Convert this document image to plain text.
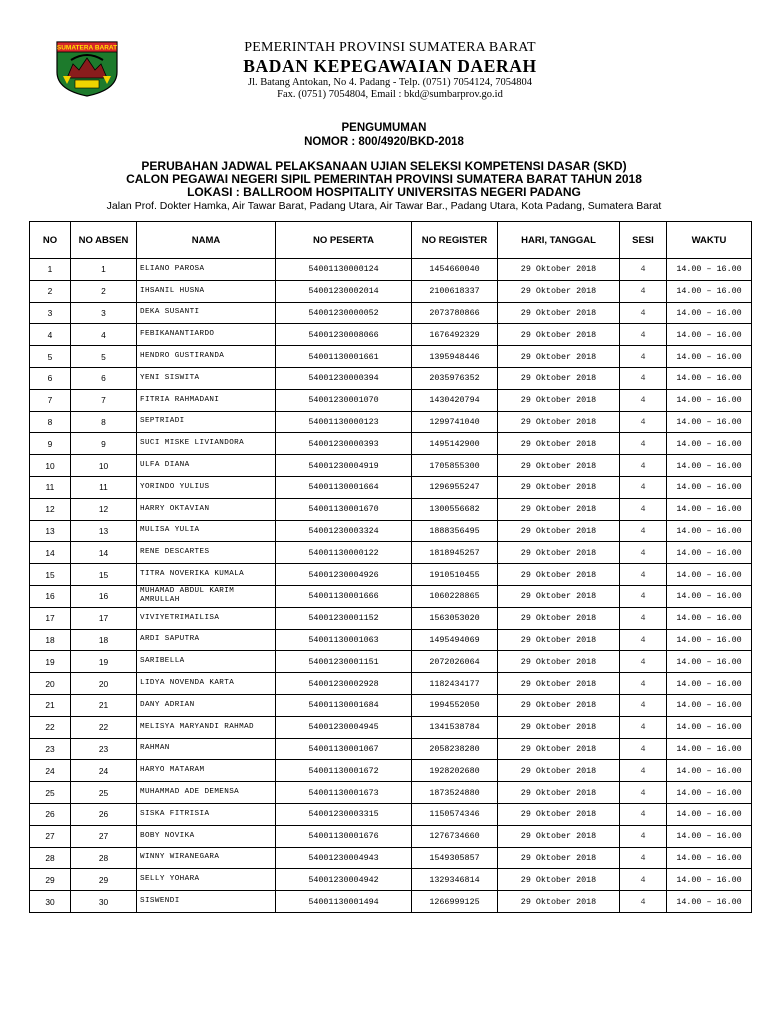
SUMATERA BARAT	PEMERINTAH PROVINSI SUMATERA BARAT
BADAN KEPEGAWAIAN DAERAH
Jl. Batang Antokan, No 4. Padang - Telp. (0751) 7054124, 7054804
Fax. (0751) 7054804, Email : bkd@sumbarprov.go.id
PENGUMUMAN
NOMOR : 800/4920/BKD-2018
PERUBAHAN JADWAL PELAKSANAAN UJIAN SELEKSI KOMPETENSI DASAR (SKD)
CALON PEGAWAI NEGERI SIPIL PEMERINTAH PROVINSI SUMATERA BARAT TAHUN 2018
LOKASI : BALLROOM HOSPITALITY UNIVERSITAS NEGERI PADANG
Jalan Prof. Dokter Hamka, Air Tawar Barat, Padang Utara, Air Tawar Bar., Padang Utara, Kota Padang, Sumatera Barat
NO	NO ABSEN	NAMA	NO PESERTA	NO REGISTER	HARI, TANGGAL	SESI	WAKTU
1	1	ELIANO PAROSA	54001130000124	1454660040	29 Oktober 2018	4	14.00 – 16.00
2	2	IHSANIL HUSNA	54001230002014	2100618337	29 Oktober 2018	4	14.00 – 16.00
3	3	DEKA SUSANTI	54001230000052	2073780866	29 Oktober 2018	4	14.00 – 16.00
4	4	FEBIKANANTIARDO	54001230008066	1676492329	29 Oktober 2018	4	14.00 – 16.00
5	5	HENDRO GUSTIRANDA	54001130001661	1395948446	29 Oktober 2018	4	14.00 – 16.00
6	6	YENI SISWITA	54001230000394	2035976352	29 Oktober 2018	4	14.00 – 16.00
7	7	FITRIA RAHMADANI	54001230001070	1430420794	29 Oktober 2018	4	14.00 – 16.00
8	8	SEPTRIADI	54001130000123	1299741040	29 Oktober 2018	4	14.00 – 16.00
9	9	SUCI MISKE LIVIANDORA	54001230000393	1495142900	29 Oktober 2018	4	14.00 – 16.00
10	10	ULFA DIANA	54001230004919	1705855300	29 Oktober 2018	4	14.00 – 16.00
11	11	YORINDO YULIUS	54001130001664	1296955247	29 Oktober 2018	4	14.00 – 16.00
12	12	HARRY OKTAVIAN	54001130001670	1300556682	29 Oktober 2018	4	14.00 – 16.00
13	13	MULISA YULIA	54001230003324	1888356495	29 Oktober 2018	4	14.00 – 16.00
14	14	RENE DESCARTES	54001130000122	1818945257	29 Oktober 2018	4	14.00 – 16.00
15	15	TITRA NOVERIKA KUMALA	54001230004926	1910510455	29 Oktober 2018	4	14.00 – 16.00
16	16	MUHAMAD ABDUL KARIM AMRULLAH	54001130001666	1060228865	29 Oktober 2018	4	14.00 – 16.00
17	17	VIVIYETRIMAILISA	54001230001152	1563053020	29 Oktober 2018	4	14.00 – 16.00
18	18	ARDI SAPUTRA	54001130001063	1495494069	29 Oktober 2018	4	14.00 – 16.00
19	19	SARIBELLA	54001230001151	2072026064	29 Oktober 2018	4	14.00 – 16.00
20	20	LIDYA NOVENDA KARTA	54001230002928	1182434177	29 Oktober 2018	4	14.00 – 16.00
21	21	DANY ADRIAN	54001130001684	1994552050	29 Oktober 2018	4	14.00 – 16.00
22	22	MELISYA MARYANDI RAHMAD	54001230004945	1341538784	29 Oktober 2018	4	14.00 – 16.00
23	23	RAHMAN	54001130001067	2058238280	29 Oktober 2018	4	14.00 – 16.00
24	24	HARYO MATARAM	54001130001672	1928202680	29 Oktober 2018	4	14.00 – 16.00
25	25	MUHAMMAD ADE DEMENSA	54001130001673	1873524880	29 Oktober 2018	4	14.00 – 16.00
26	26	SISKA FITRISIA	54001230003315	1150574346	29 Oktober 2018	4	14.00 – 16.00
27	27	BOBY NOVIKA	54001130001676	1276734660	29 Oktober 2018	4	14.00 – 16.00
28	28	WINNY WIRANEGARA	54001230004943	1549305857	29 Oktober 2018	4	14.00 – 16.00
29	29	SELLY YOHARA	54001230004942	1329346814	29 Oktober 2018	4	14.00 – 16.00
30	30	SISWENDI	54001130001494	1266999125	29 Oktober 2018	4	14.00 – 16.00
